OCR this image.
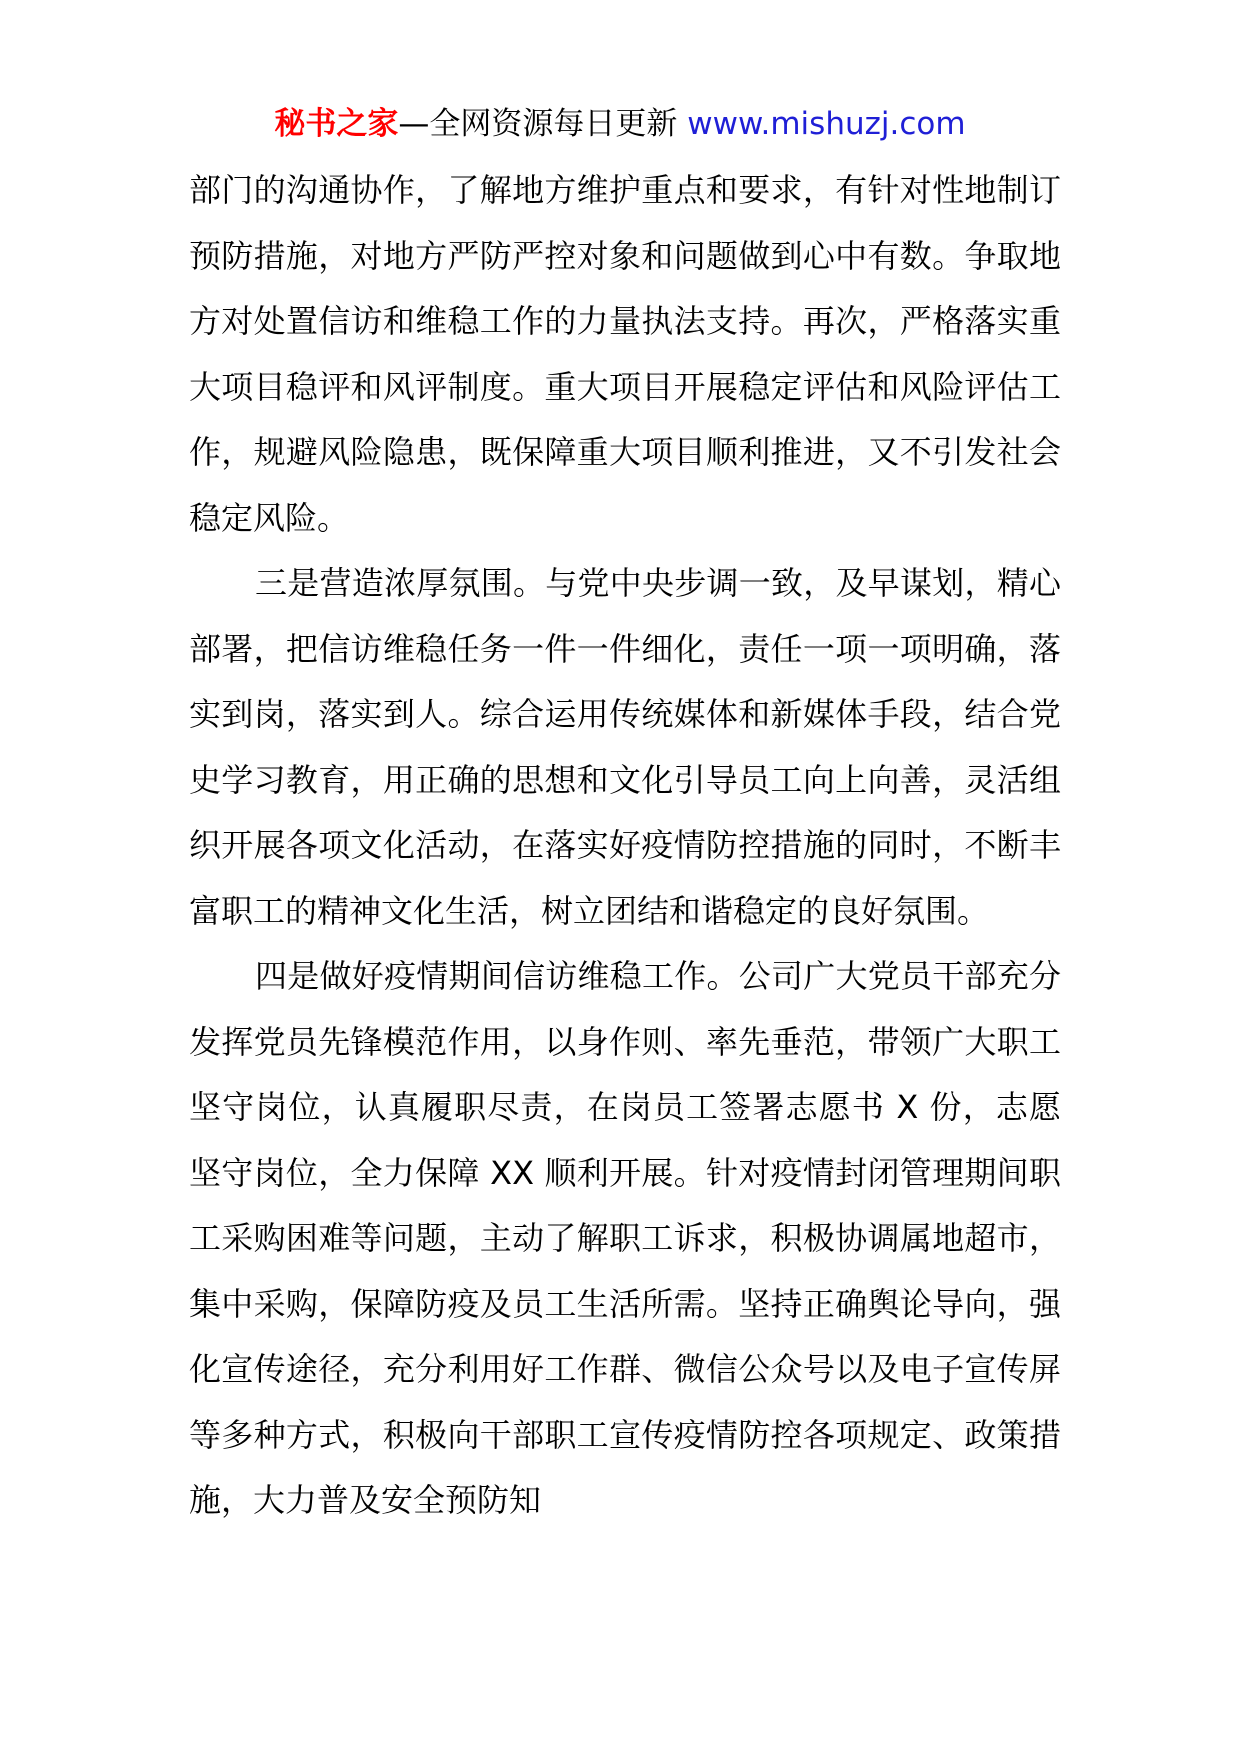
秘书之家—全网资源每日更新 www.mishuzj.com

部门的沟通协作，了解地方维护重点和要求，有针对性地制订预防措施，对地方严防严控对象和问题做到心中有数。争取地方对处置信访和维稳工作的力量执法支持。再次，严格落实重大项目稳评和风评制度。重大项目开展稳定评估和风险评估工作，规避风险隐患，既保障重大项目顺利推进，又不引发社会稳定风险。

三是营造浓厚氛围。与党中央步调一致，及早谋划，精心部署，把信访维稳任务一件一件细化，责任一项一项明确，落实到岗，落实到人。综合运用传统媒体和新媒体手段，结合党史学习教育，用正确的思想和文化引导员工向上向善，灵活组织开展各项文化活动，在落实好疫情防控措施的同时，不断丰富职工的精神文化生活，树立团结和谐稳定的良好氛围。

四是做好疫情期间信访维稳工作。公司广大党员干部充分发挥党员先锋模范作用，以身作则、率先垂范，带领广大职工坚守岗位，认真履职尽责，在岗员工签署志愿书 X 份，志愿坚守岗位，全力保障 XX 顺利开展。针对疫情封闭管理期间职工采购困难等问题，主动了解职工诉求，积极协调属地超市，集中采购，保障防疫及员工生活所需。坚持正确舆论导向，强化宣传途径，充分利用好工作群、微信公众号以及电子宣传屏等多种方式，积极向干部职工宣传疫情防控各项规定、政策措施，大力普及安全预防知
